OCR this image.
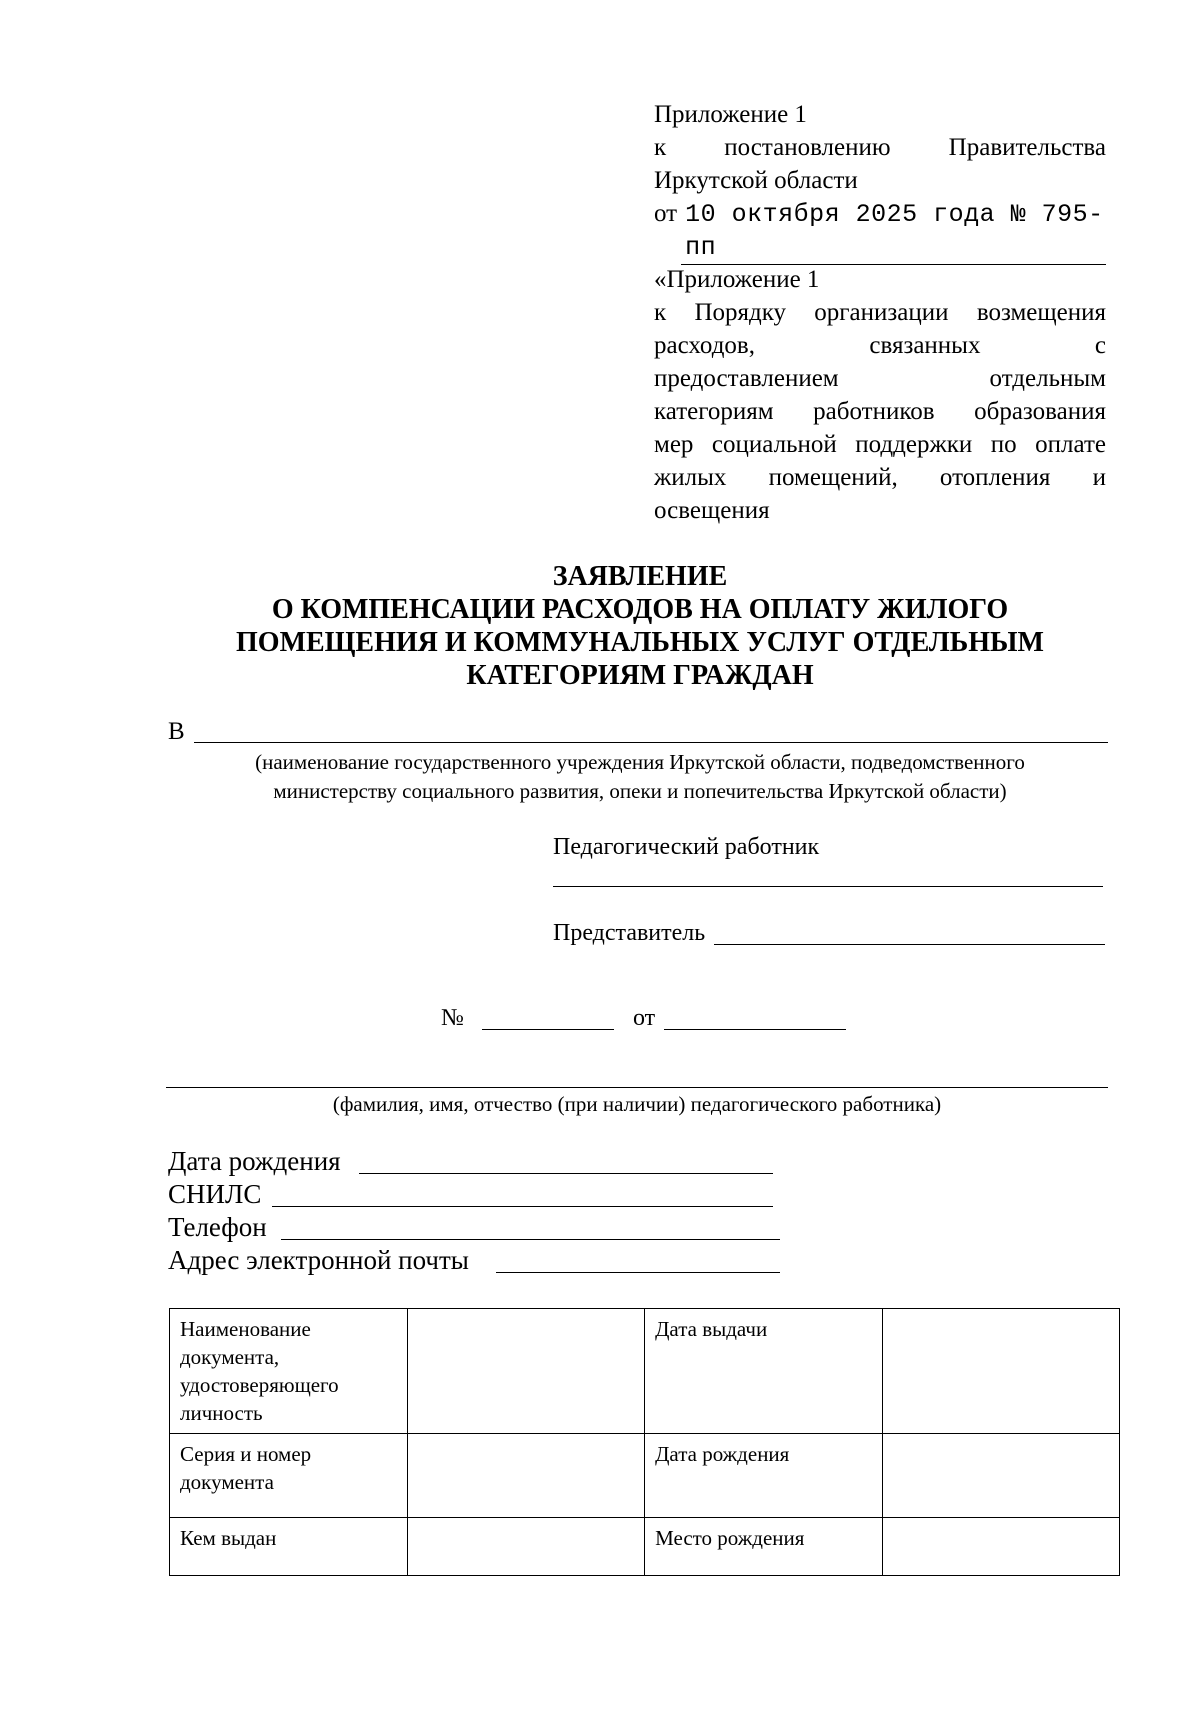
Приложение 1
к постановлению Правительства
Иркутской области
от 10 октября 2025 года № 795-пп
«Приложение 1
к Порядку организации возмещения
расходов, связанных с
предоставлением отдельным
категориям работников образования
мер социальной поддержки по оплате
жилых помещений, отопления и
освещения
ЗАЯВЛЕНИЕ
О КОМПЕНСАЦИИ РАСХОДОВ НА ОПЛАТУ ЖИЛОГО
ПОМЕЩЕНИЯ И КОММУНАЛЬНЫХ УСЛУГ ОТДЕЛЬНЫМ
КАТЕГОРИЯМ ГРАЖДАН
В
(наименование государственного учреждения Иркутской области, подведомственного
министерству социального развития, опеки и попечительства Иркутской области)
Педагогический работник
Представитель
№	от
(фамилия, имя, отчество (при наличии) педагогического работника)
Дата рождения
СНИЛС
Телефон
Адрес электронной почты
Наименование документа, удостоверяющего личность		Дата выдачи	
Серия и номер документа		Дата рождения	
Кем выдан		Место рождения	
